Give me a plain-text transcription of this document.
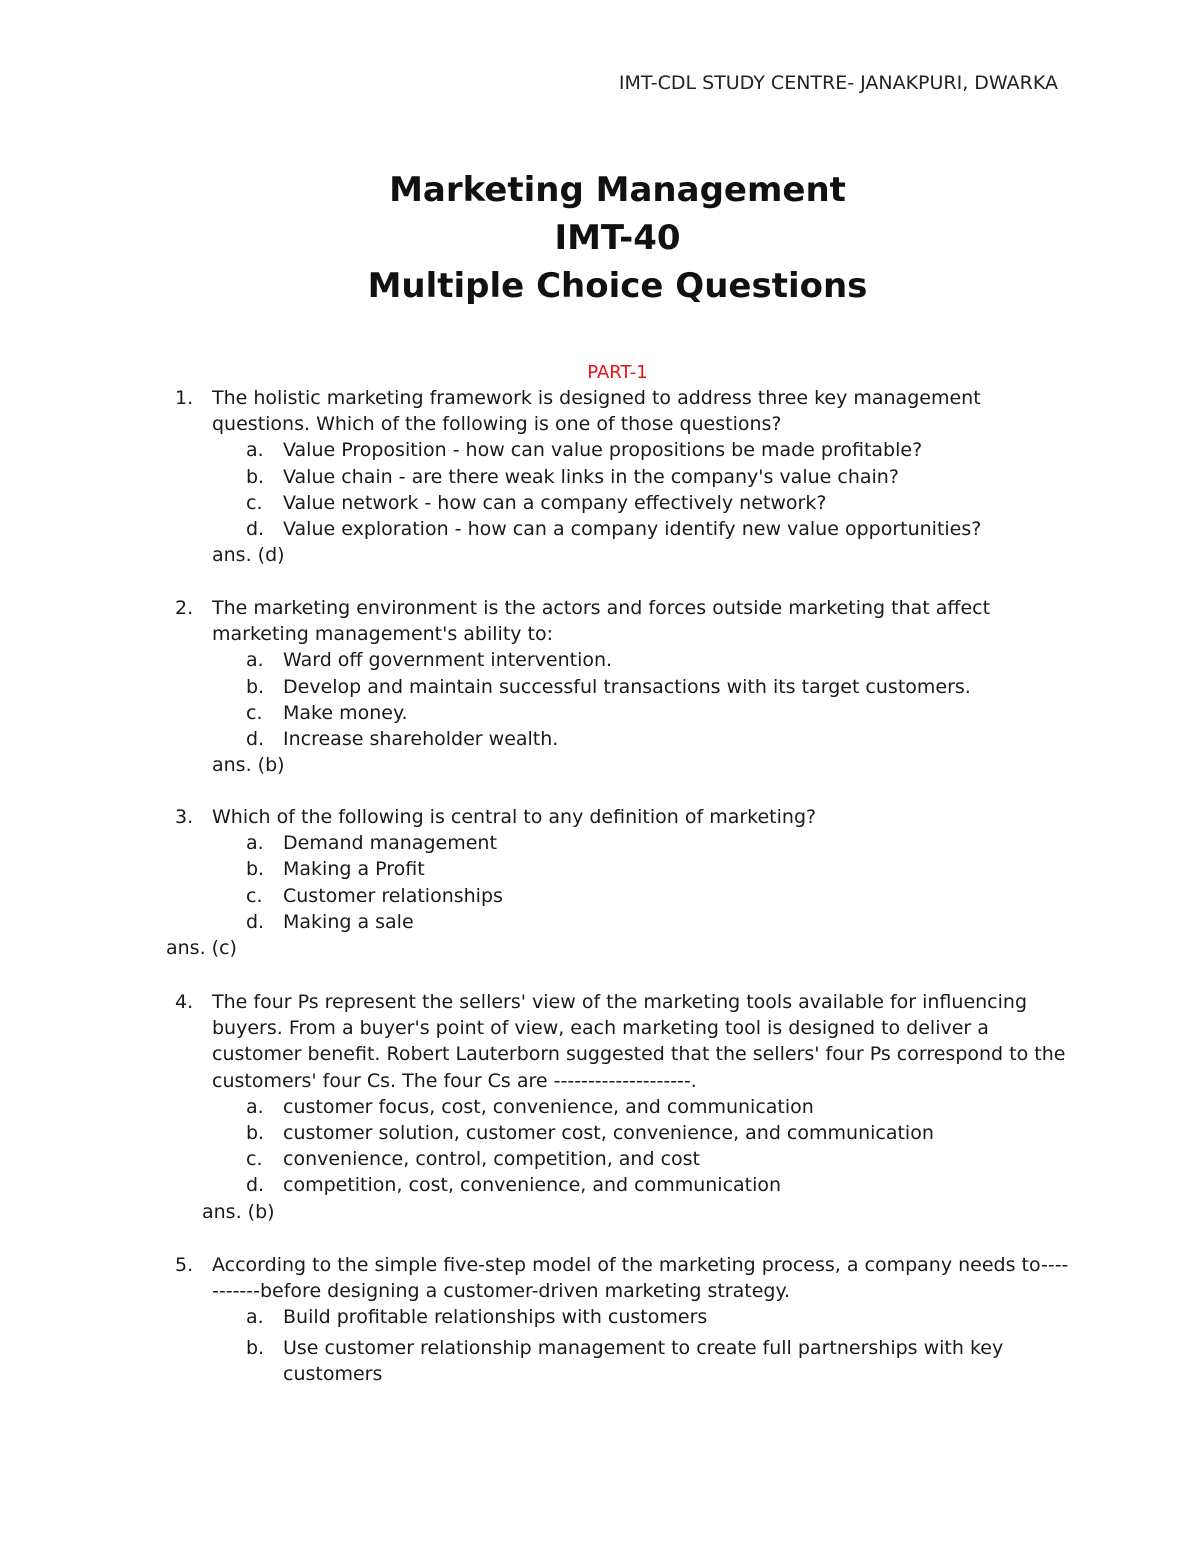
IMT-CDL STUDY CENTRE- JANAKPURI, DWARKA
Marketing Management
IMT-40
Multiple Choice Questions
PART-1
1. The holistic marketing framework is designed to address three key management questions. Which of the following is one of those questions?
a. Value Proposition - how can value propositions be made profitable?
b. Value chain - are there weak links in the company's value chain?
c. Value network - how can a company effectively network?
d. Value exploration - how can a company identify new value opportunities?
ans. (d)
2. The marketing environment is the actors and forces outside marketing that affect marketing management's ability to:
a. Ward off government intervention.
b. Develop and maintain successful transactions with its target customers.
c. Make money.
d. Increase shareholder wealth.
ans. (b)
3. Which of the following is central to any definition of marketing?
a. Demand management
b. Making a Profit
c. Customer relationships
d. Making a sale
ans. (c)
4. The four Ps represent the sellers' view of the marketing tools available for influencing buyers. From a buyer's point of view, each marketing tool is designed to deliver a customer benefit. Robert Lauterborn suggested that the sellers' four Ps correspond to the customers' four Cs. The four Cs are --------------------.
a. customer focus, cost, convenience, and communication
b. customer solution, customer cost, convenience, and communication
c. convenience, control, competition, and cost
d. competition, cost, convenience, and communication
ans. (b)
5. According to the simple five-step model of the marketing process, a company needs to-----------before designing a customer-driven marketing strategy.
a. Build profitable relationships with customers
b. Use customer relationship management to create full partnerships with key customers
